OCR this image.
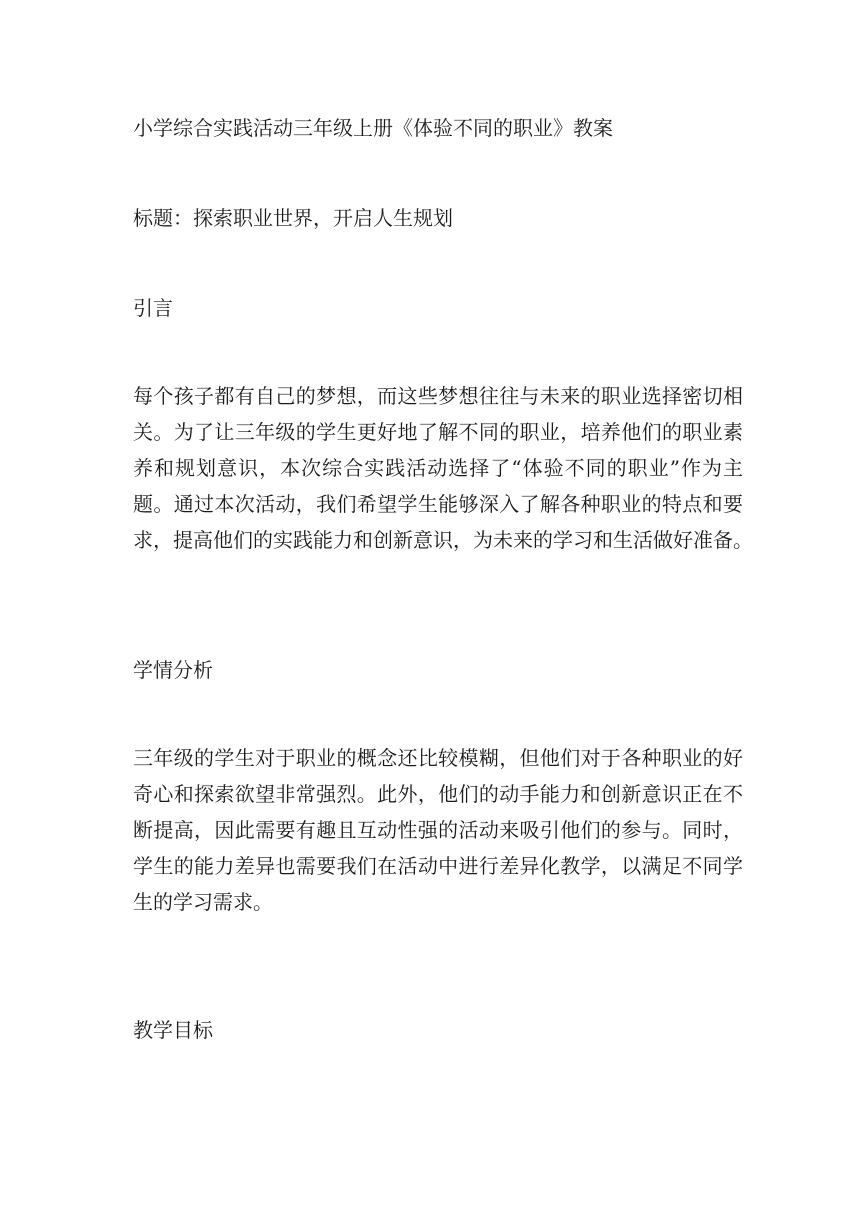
小学综合实践活动三年级上册《体验不同的职业》教案
标题：探索职业世界，开启人生规划
引言
每个孩子都有自己的梦想，而这些梦想往往与未来的职业选择密切相
关。为了让三年级的学生更好地了解不同的职业，培养他们的职业素
养和规划意识，本次综合实践活动选择了“体验不同的职业”作为主
题。通过本次活动，我们希望学生能够深入了解各种职业的特点和要
求，提高他们的实践能力和创新意识，为未来的学习和生活做好准备。
学情分析
三年级的学生对于职业的概念还比较模糊，但他们对于各种职业的好
奇心和探索欲望非常强烈。此外，他们的动手能力和创新意识正在不
断提高，因此需要有趣且互动性强的活动来吸引他们的参与。同时，
学生的能力差异也需要我们在活动中进行差异化教学，以满足不同学
生的学习需求。
教学目标
